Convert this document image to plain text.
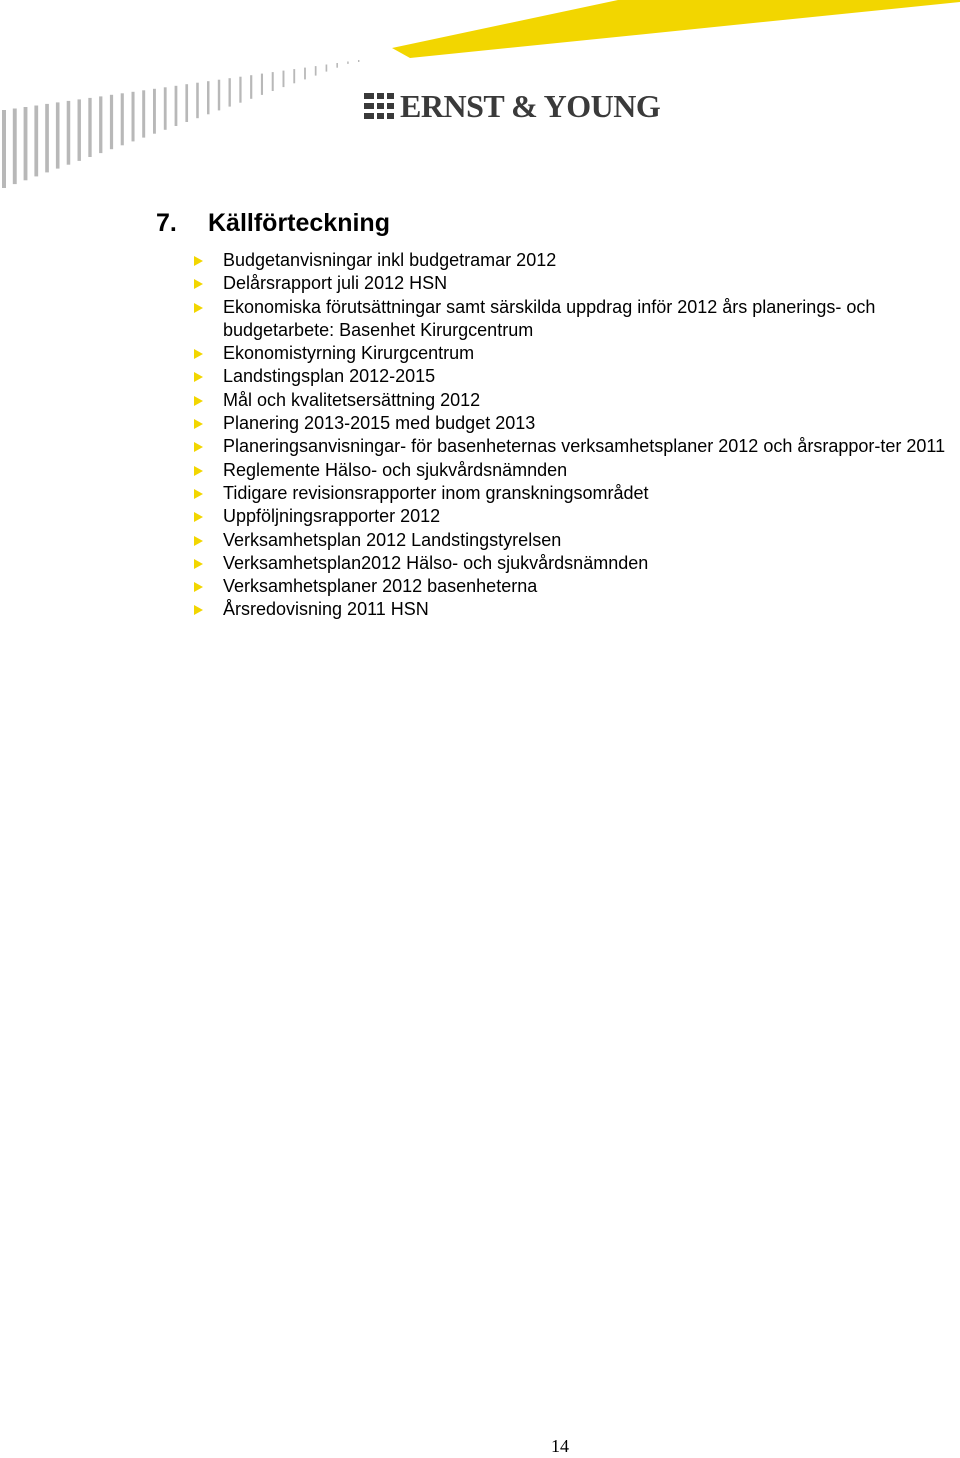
ERNST & YOUNG
7.	Källförteckning
Budgetanvisningar inkl budgetramar 2012
Delårsrapport juli 2012 HSN
Ekonomiska förutsättningar samt särskilda uppdrag inför 2012 års planerings- och budgetarbete: Basenhet Kirurgcentrum
Ekonomistyrning Kirurgcentrum
Landstingsplan 2012-2015
Mål och kvalitetsersättning 2012
Planering 2013-2015 med budget 2013
Planeringsanvisningar- för basenheternas verksamhetsplaner 2012 och årsrappor-ter 2011
Reglemente Hälso- och sjukvårdsnämnden
Tidigare revisionsrapporter inom granskningsområdet
Uppföljningsrapporter 2012
Verksamhetsplan 2012 Landstingstyrelsen
Verksamhetsplan2012 Hälso- och sjukvårdsnämnden
Verksamhetsplaner 2012 basenheterna
Årsredovisning 2011 HSN
14
